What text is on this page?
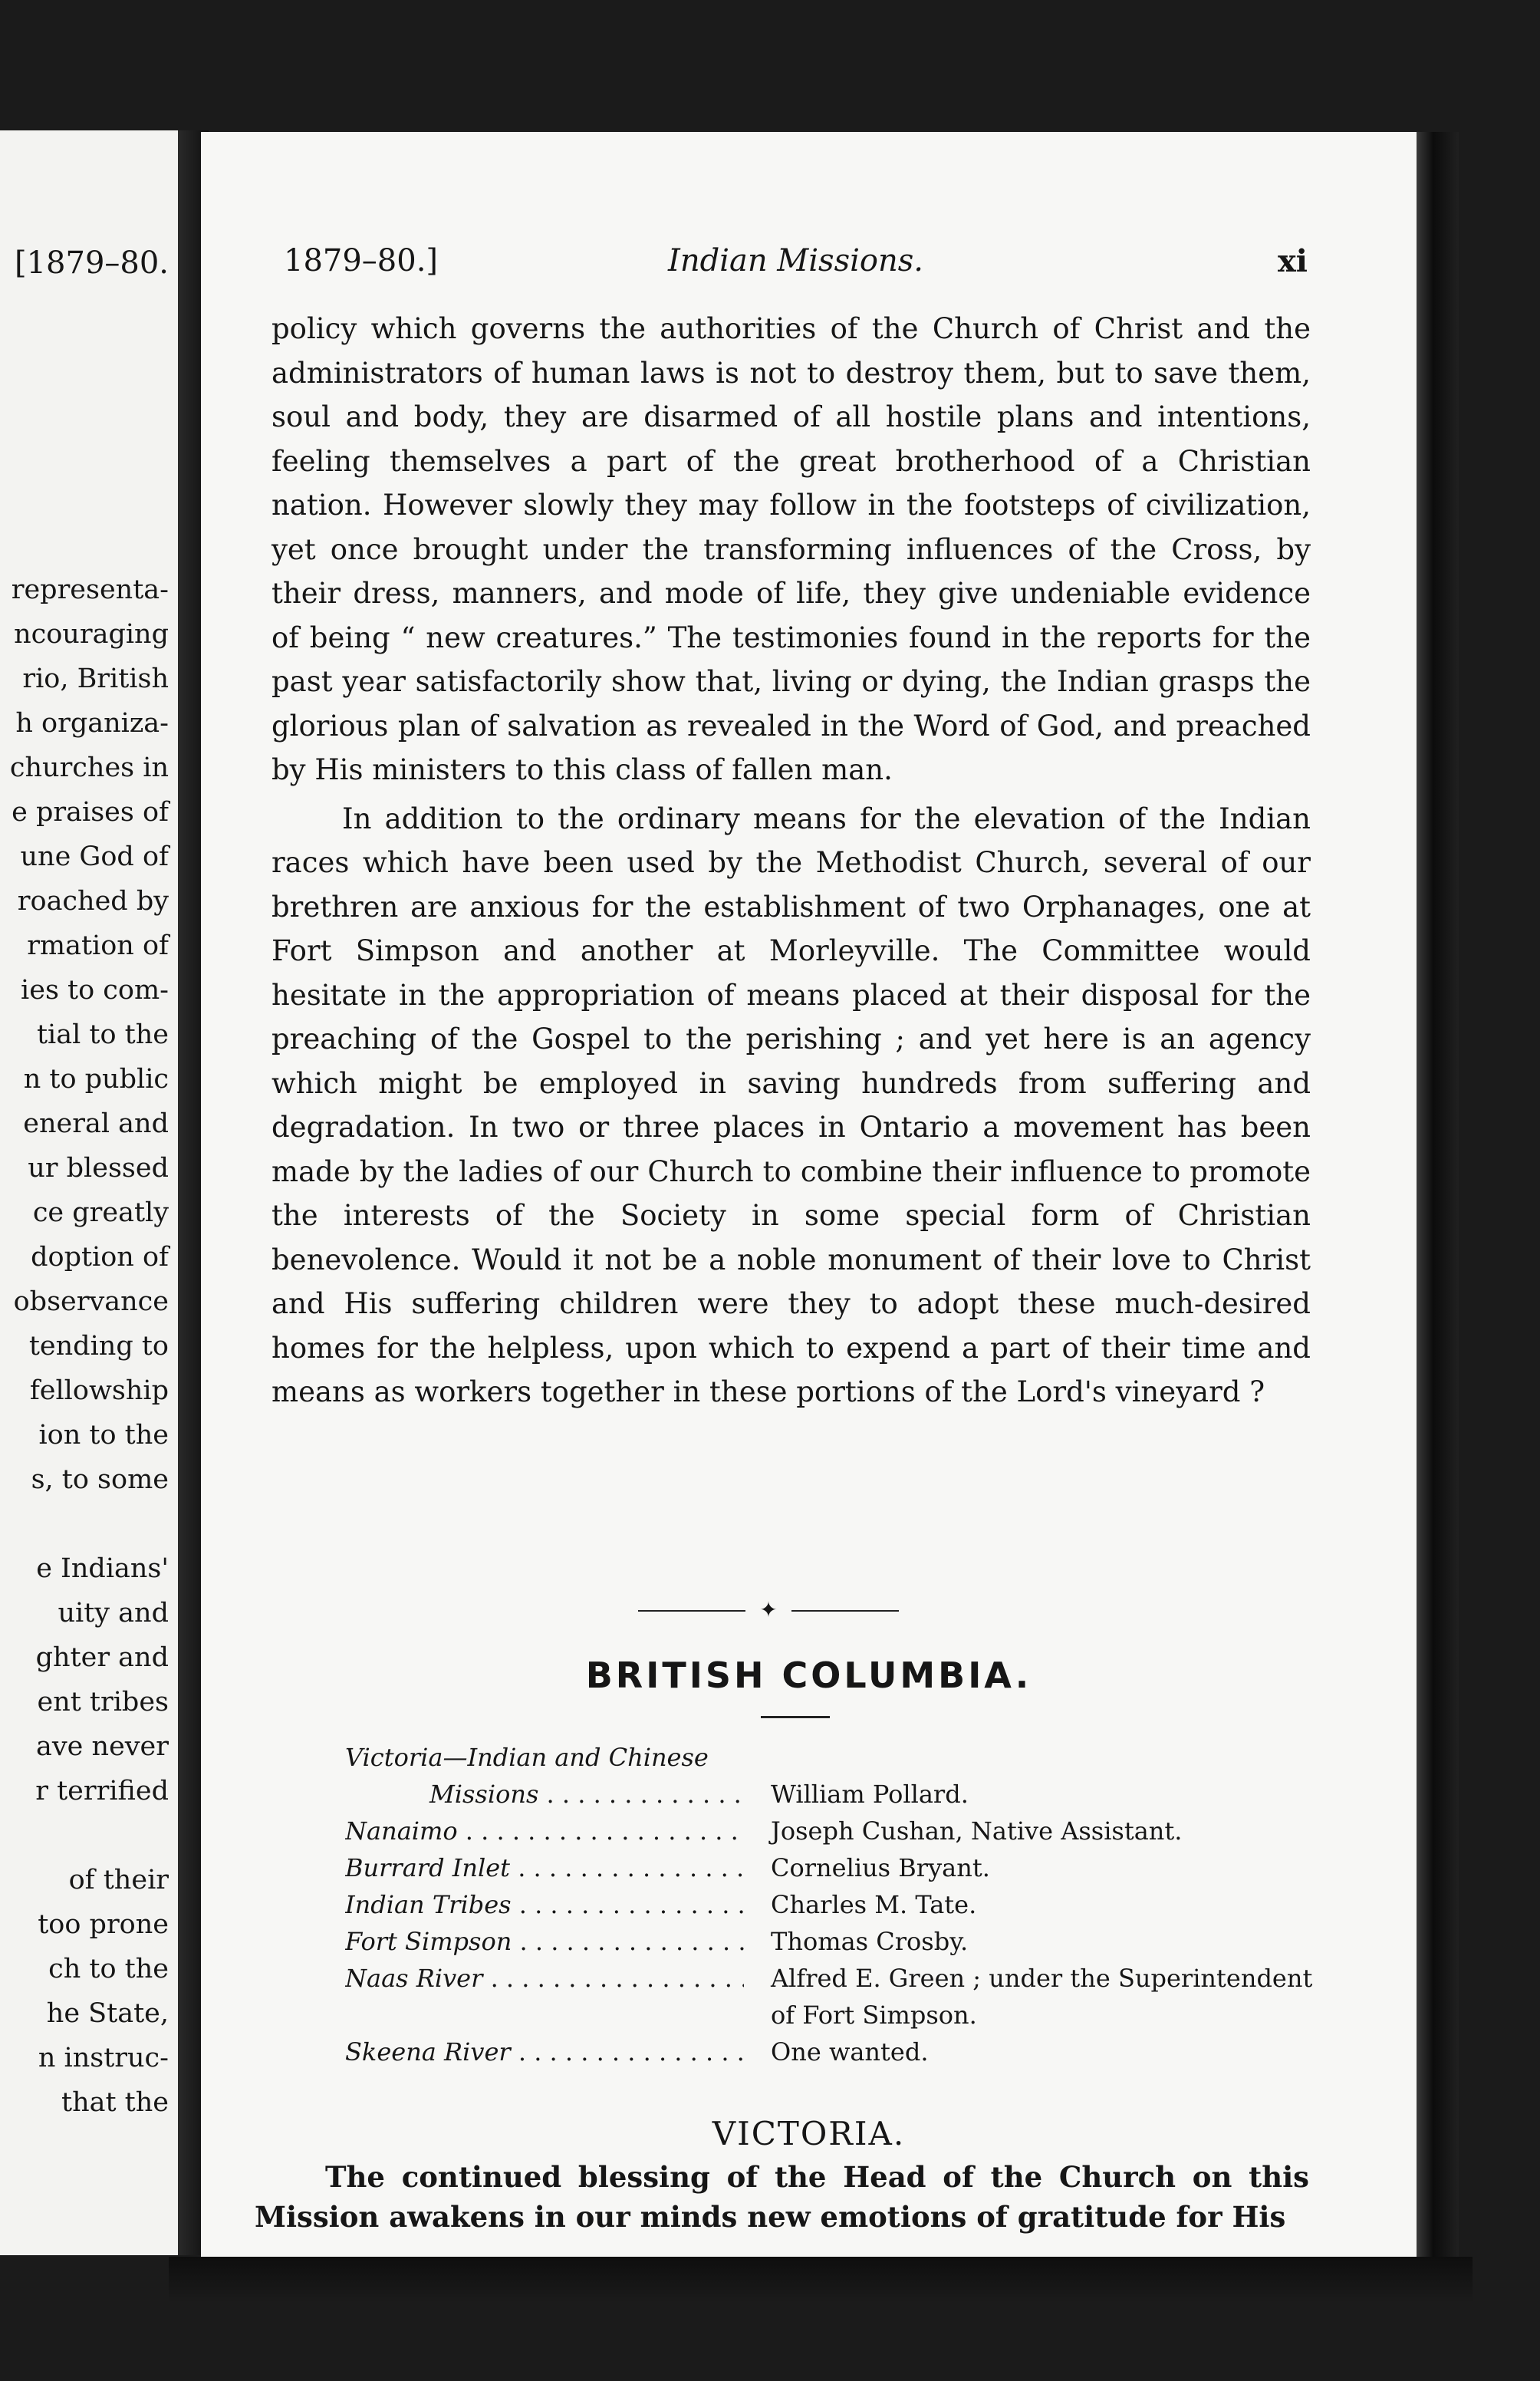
[1879–80.
representa-
ncouraging
rio, British
h organiza-
churches in
e praises of
une God of
roached by
rmation of
ies to com-
tial to the
n to public
eneral and
ur blessed
ce greatly
doption of
observance
tending to
fellowship
ion to the
s, to some
e Indians'
uity and
ghter and
ent tribes
ave never
r terrified
of their
too prone
ch to the
he State,
n instruc-
that the
1879–80.]	Indian Missions.	xi

policy which governs the authorities of the Church of Christ and the administrators of human laws is not to destroy them, but to save them, soul and body, they are disarmed of all hostile plans and intentions, feeling themselves a part of the great brotherhood of a Christian nation. However slowly they may follow in the footsteps of civilization, yet once brought under the transforming influences of the Cross, by their dress, manners, and mode of life, they give undeniable evidence of being “ new creatures.” The testimonies found in the reports for the past year satisfactorily show that, living or dying, the Indian grasps the glorious plan of salvation as revealed in the Word of God, and preached by His ministers to this class of fallen man.

In addition to the ordinary means for the elevation of the Indian races which have been used by the Methodist Church, several of our brethren are anxious for the establishment of two Orphanages, one at Fort Simpson and another at Morleyville. The Committee would hesitate in the appropriation of means placed at their disposal for the preaching of the Gospel to the perishing ; and yet here is an agency which might be employed in saving hundreds from suffering and degradation. In two or three places in Ontario a movement has been made by the ladies of our Church to combine their influence to promote the interests of the Society in some special form of Christian benevolence. Would it not be a noble monument of their love to Christ and His suffering children were they to adopt these much-desired homes for the helpless, upon which to expend a part of their time and means as workers together in these portions of the Lord's vineyard ?

✦
BRITISH COLUMBIA.
Victoria—Indian and Chinese
Missions . . .	William Pollard.
Nanaimo . . .	Joseph Cushan, Native Assistant.
Burrard Inlet . . .	Cornelius Bryant.
Indian Tribes . . .	Charles M. Tate.
Fort Simpson . . .	Thomas Crosby.
Naas River . . .	Alfred E. Green ; under the Superintendent of Fort Simpson.
Skeena River . . .	One wanted.
VICTORIA.

The continued blessing of the Head of the Church on this

Mission awakens in our minds new emotions of gratitude for His
